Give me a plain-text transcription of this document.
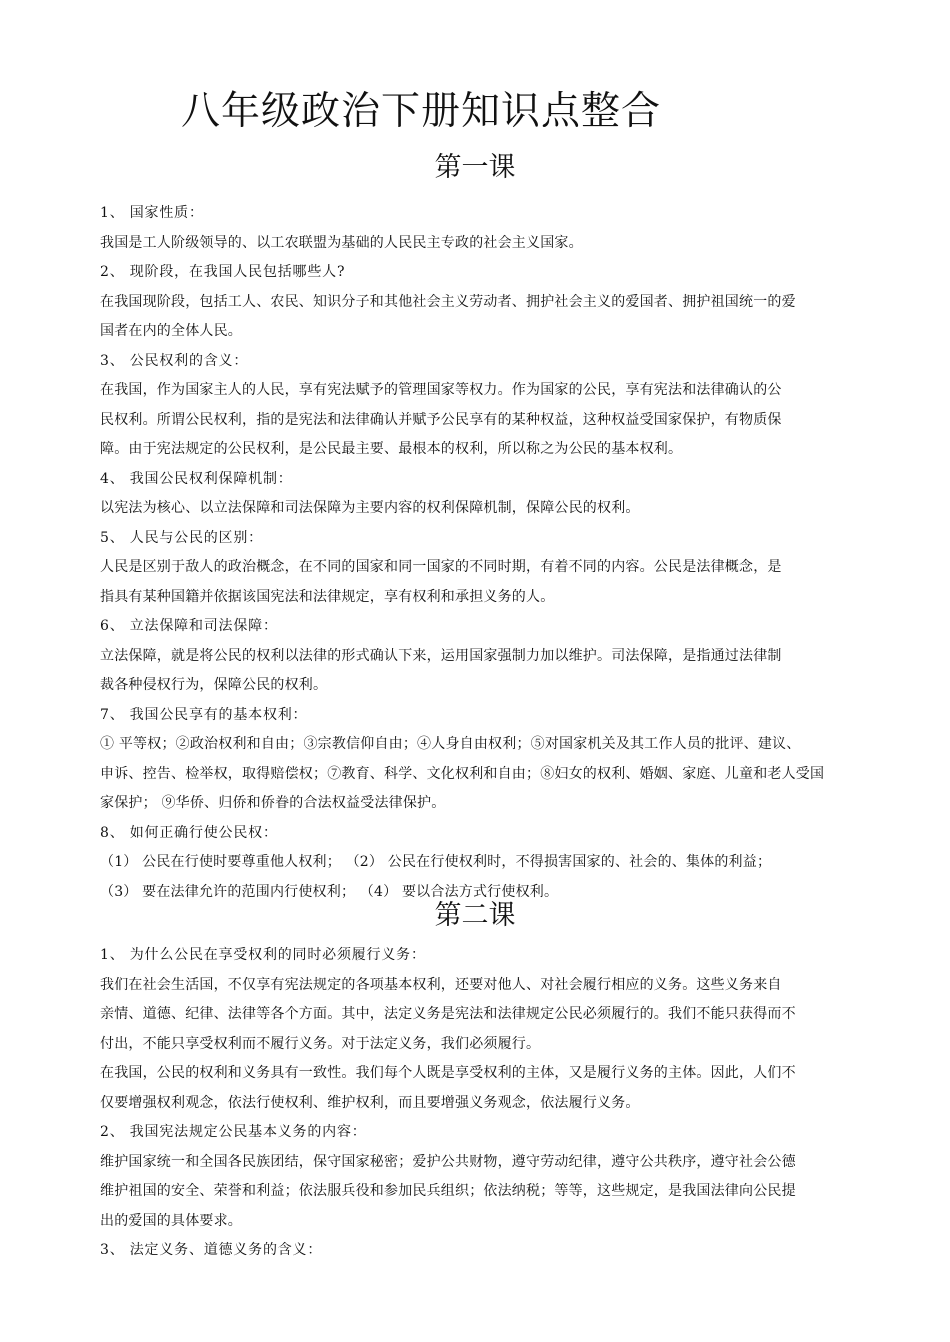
八年级政治下册知识点整合
第一课

1、 国家性质：

我国是工人阶级领导的、以工农联盟为基础的人民民主专政的社会主义国家。

2、 现阶段，在我国人民包括哪些人?

在我国现阶段，包括工人、农民、知识分子和其他社会主义劳动者、拥护社会主义的爱国者、拥护祖国统一的爱

国者在内的全体人民。

3、 公民权利的含义：

在我国，作为国家主人的人民，享有宪法赋予的管理国家等权力。作为国家的公民，享有宪法和法律确认的公

民权利。所谓公民权利，指的是宪法和法律确认并赋予公民享有的某种权益，这种权益受国家保护，有物质保

障。由于宪法规定的公民权利，是公民最主要、最根本的权利，所以称之为公民的基本权利。

4、 我国公民权利保障机制：

以宪法为核心、以立法保障和司法保障为主要内容的权利保障机制，保障公民的权利。

5、 人民与公民的区别：

人民是区别于敌人的政治概念，在不同的国家和同一国家的不同时期，有着不同的内容。公民是法律概念，是

指具有某种国籍并依据该国宪法和法律规定，享有权利和承担义务的人。

6、 立法保障和司法保障：

立法保障，就是将公民的权利以法律的形式确认下来，运用国家强制力加以维护。司法保障，是指通过法律制

裁各种侵权行为，保障公民的权利。

7、 我国公民享有的基本权利：

① 平等权；②政治权利和自由；③宗教信仰自由；④人身自由权利；⑤对国家机关及其工作人员的批评、建议、

申诉、控告、检举权，取得赔偿权；⑦教育、科学、文化权利和自由；⑧妇女的权利、婚姻、家庭、儿童和老人受国

家保护； ⑨华侨、归侨和侨眷的合法权益受法律保护。

8、 如何正确行使公民权：

（1） 公民在行使时要尊重他人权利； （2） 公民在行使权利时，不得损害国家的、社会的、集体的利益；

（3） 要在法律允许的范围内行使权利； （4） 要以合法方式行使权利。

第二课

1、 为什么公民在享受权利的同时必须履行义务：

我们在社会生活国，不仅享有宪法规定的各项基本权利，还要对他人、对社会履行相应的义务。这些义务来自

亲情、道德、纪律、法律等各个方面。其中，法定义务是宪法和法律规定公民必须履行的。我们不能只获得而不

付出，不能只享受权利而不履行义务。对于法定义务，我们必须履行。

在我国，公民的权利和义务具有一致性。我们每个人既是享受权利的主体，又是履行义务的主体。因此，人们不

仅要增强权利观念，依法行使权利、维护权利，而且要增强义务观念，依法履行义务。

2、 我国宪法规定公民基本义务的内容：

维护国家统一和全国各民族团结，保守国家秘密；爱护公共财物，遵守劳动纪律，遵守公共秩序，遵守社会公德

维护祖国的安全、荣誉和利益；依法服兵役和参加民兵组织；依法纳税；等等，这些规定，是我国法律向公民提

出的爱国的具体要求。

3、 法定义务、道德义务的含义：
